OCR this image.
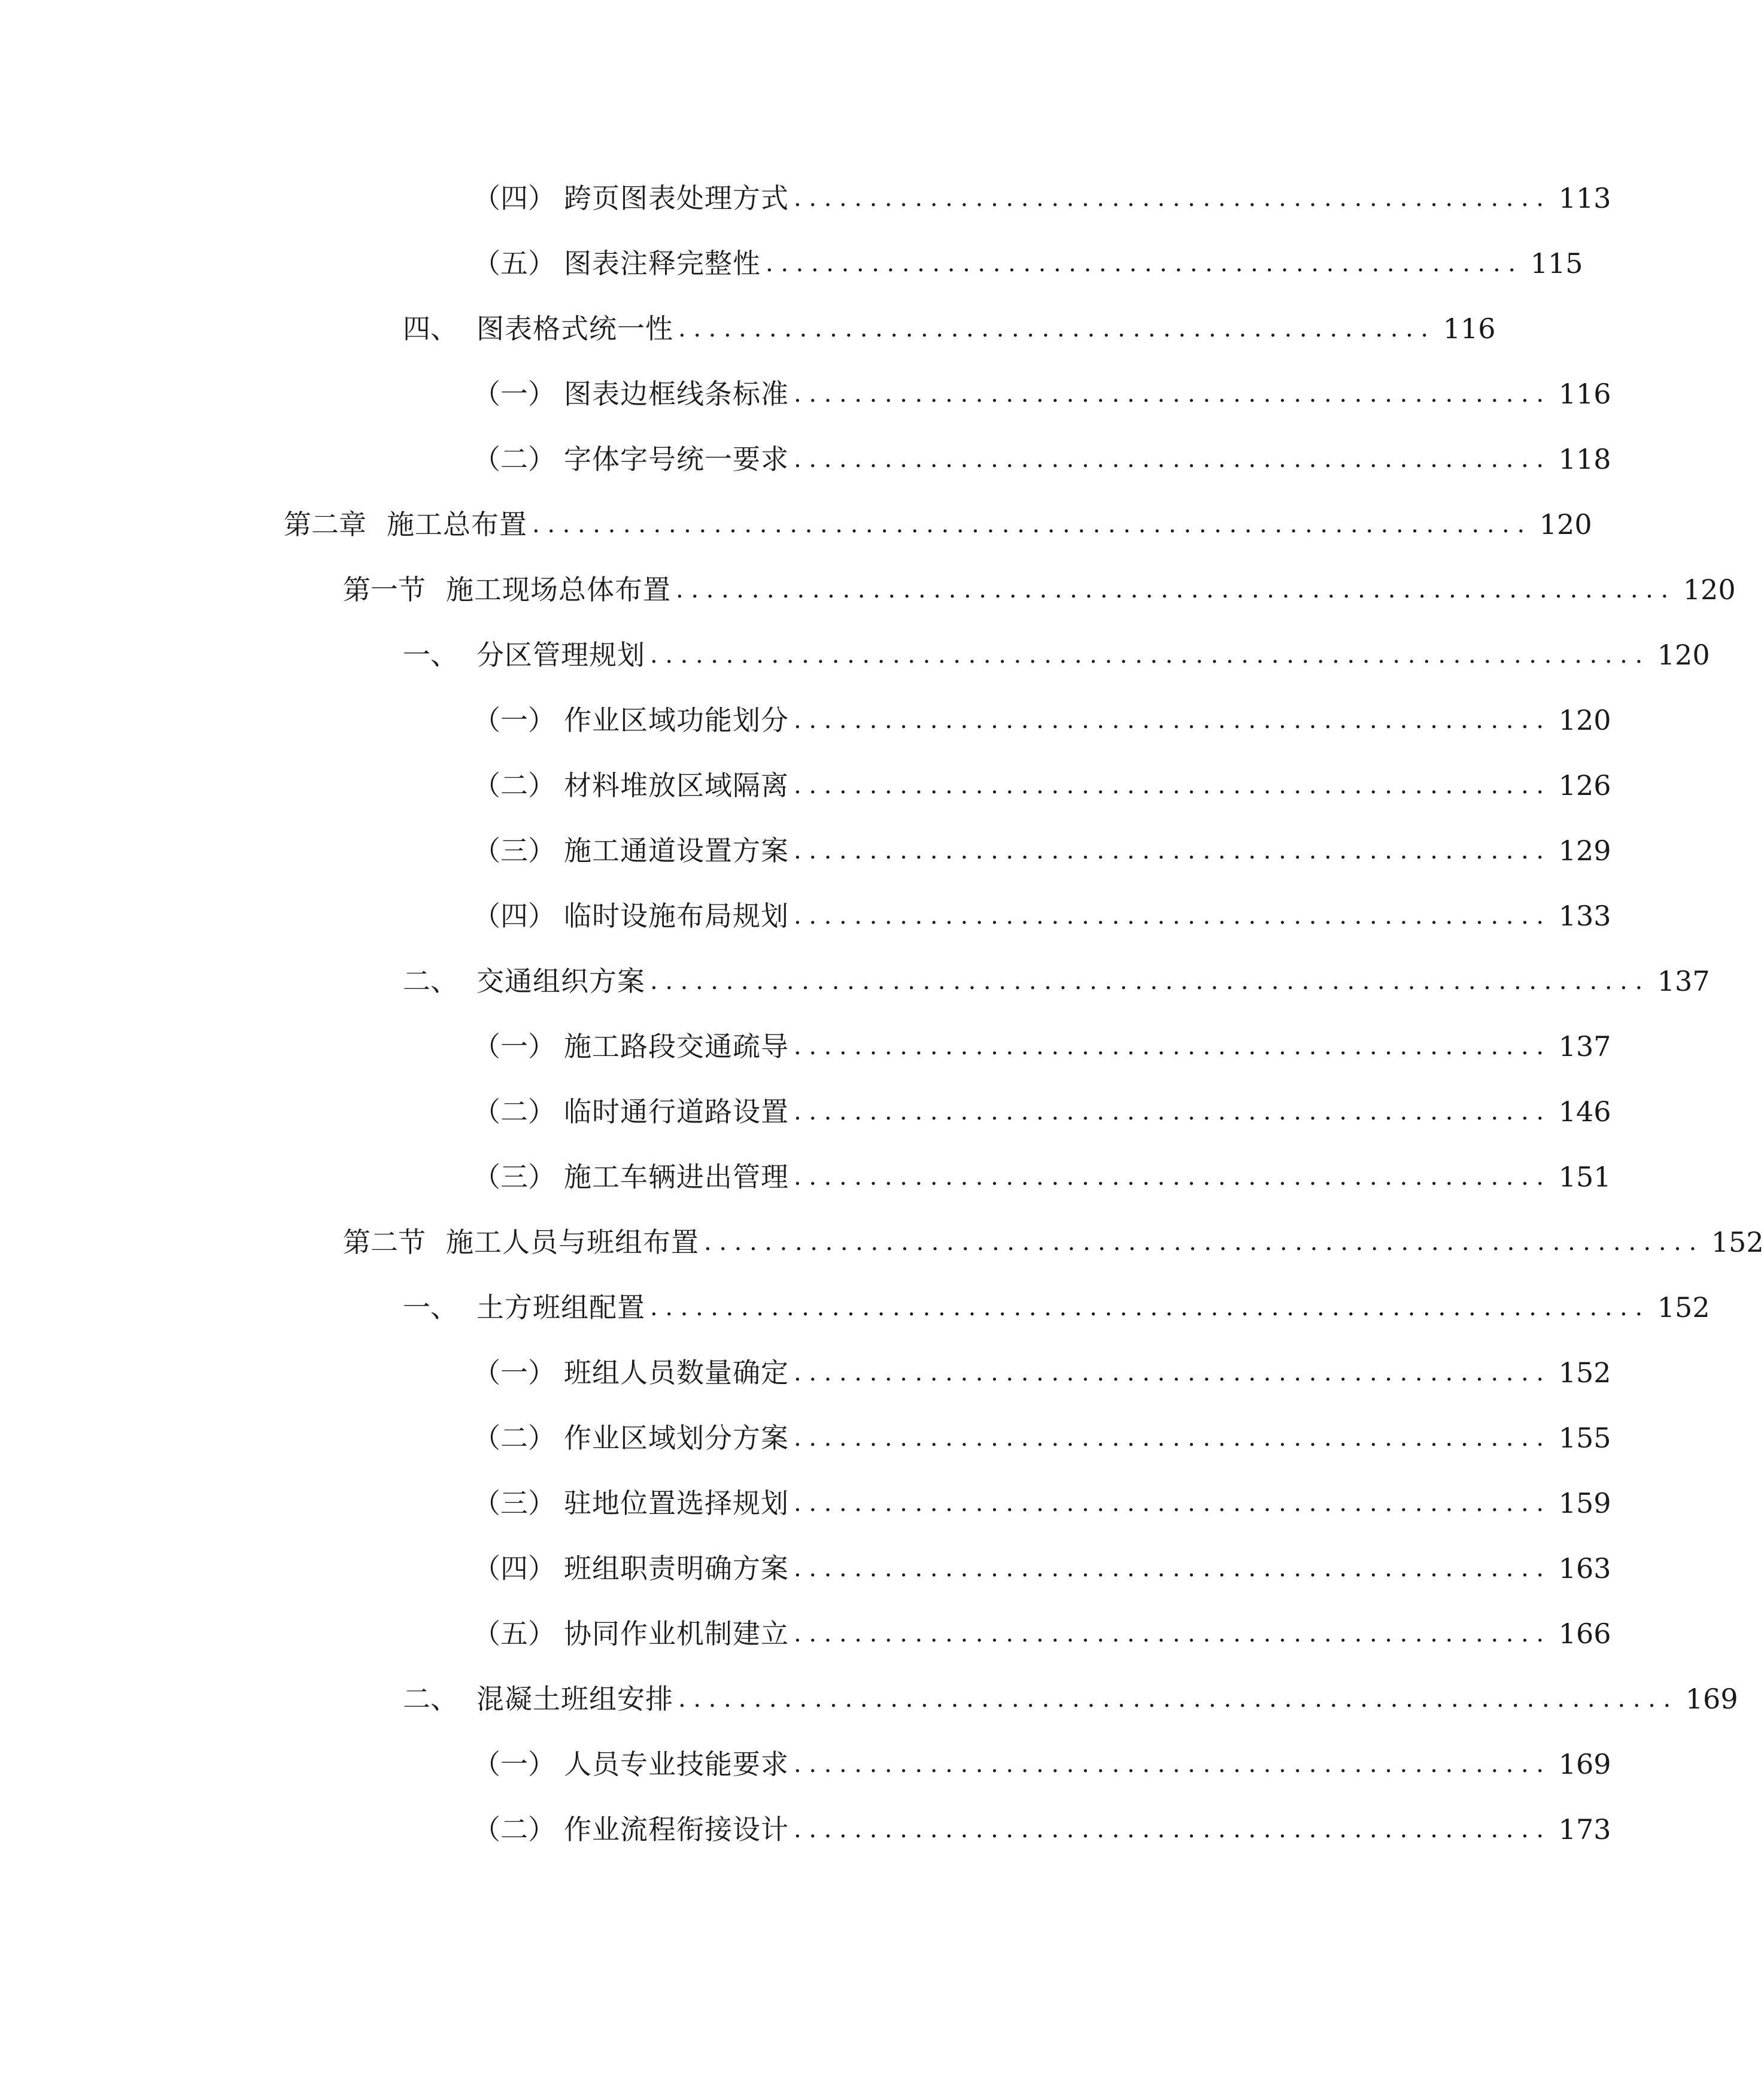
（四） 跨页图表处理方式 .................................................. 113
（五） 图表注释完整性 .................................................. 115
四、 图表格式统一性 .................................................. 116
（一） 图表边框线条标准 .................................................. 116
（二） 字体字号统一要求 .................................................. 118
第二章 施工总布置 .................................................................. 120
第一节 施工现场总体布置 .................................................................. 120
一、 分区管理规划 .................................................................. 120
（一） 作业区域功能划分 .................................................. 120
（二） 材料堆放区域隔离 .................................................. 126
（三） 施工通道设置方案 .................................................. 129
（四） 临时设施布局规划 .................................................. 133
二、 交通组织方案 .................................................................. 137
（一） 施工路段交通疏导 .................................................. 137
（二） 临时通行道路设置 .................................................. 146
（三） 施工车辆进出管理 .................................................. 151
第二节 施工人员与班组布置 .................................................................. 152
一、 土方班组配置 .................................................................. 152
（一） 班组人员数量确定 .................................................. 152
（二） 作业区域划分方案 .................................................. 155
（三） 驻地位置选择规划 .................................................. 159
（四） 班组职责明确方案 .................................................. 163
（五） 协同作业机制建立 .................................................. 166
二、 混凝土班组安排 .................................................................. 169
（一） 人员专业技能要求 .................................................. 169
（二） 作业流程衔接设计 .................................................. 173
